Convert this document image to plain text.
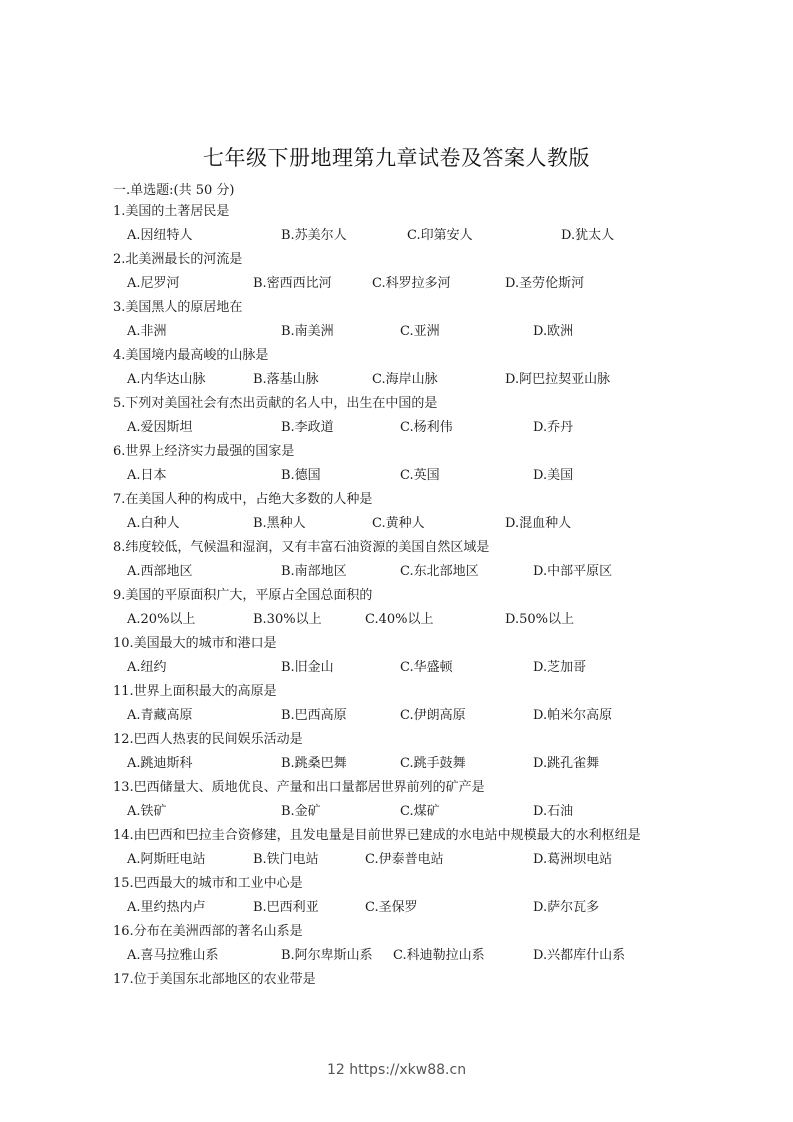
七年级下册地理第九章试卷及答案人教版
一.单选题:(共 50 分)
1.美国的土著居民是
A.因纽特人	B.苏美尔人	C.印第安人	D.犹太人
2.北美洲最长的河流是
A.尼罗河	B.密西西比河	C.科罗拉多河	D.圣劳伦斯河
3.美国黑人的原居地在
A.非洲	B.南美洲	C.亚洲	D.欧洲
4.美国境内最高峻的山脉是
A.内华达山脉	B.落基山脉	C.海岸山脉	D.阿巴拉契亚山脉
5.下列对美国社会有杰出贡献的名人中，出生在中国的是
A.爱因斯坦	B.李政道	C.杨利伟	D.乔丹
6.世界上经济实力最强的国家是
A.日本	B.德国	C.英国	D.美国
7.在美国人种的构成中，占绝大多数的人种是
A.白种人	B.黑种人	C.黄种人	D.混血种人
8.纬度较低，气候温和湿润，又有丰富石油资源的美国自然区域是
A.西部地区	B.南部地区	C.东北部地区	D.中部平原区
9.美国的平原面积广大，平原占全国总面积的
A.20%以上	B.30%以上	C.40%以上	D.50%以上
10.美国最大的城市和港口是
A.纽约	B.旧金山	C.华盛顿	D.芝加哥
11.世界上面积最大的高原是
A.青藏高原	B.巴西高原	C.伊朗高原	D.帕米尔高原
12.巴西人热衷的民间娱乐活动是
A.跳迪斯科	B.跳桑巴舞	C.跳手鼓舞	D.跳孔雀舞
13.巴西储量大、质地优良、产量和出口量都居世界前列的矿产是
A.铁矿	B.金矿	C.煤矿	D.石油
14.由巴西和巴拉圭合资修建，且发电量是目前世界已建成的水电站中规模最大的水利枢纽是
A.阿斯旺电站	B.铁门电站	C.伊泰普电站	D.葛洲坝电站
15.巴西最大的城市和工业中心是
A.里约热内卢	B.巴西利亚	C.圣保罗	D.萨尔瓦多
16.分布在美洲西部的著名山系是
A.喜马拉雅山系	B.阿尔卑斯山系 C.科迪勒拉山系	D.兴都库什山系
17.位于美国东北部地区的农业带是
12 https://xkw88.cn
